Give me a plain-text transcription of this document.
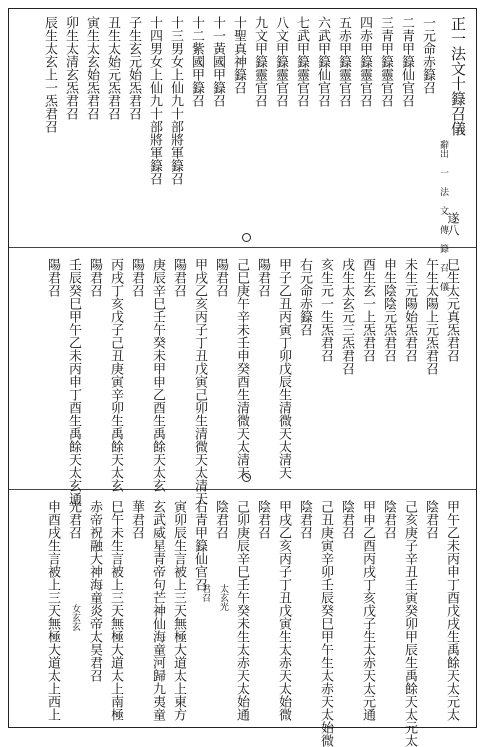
正一法文十籙召儀
辭出 一 法 文 傳 籙 召 儀
遂八
一元命赤籙召
二青甲籙仙官召
三青甲籙靈官召
四赤甲籙靈官召
五赤甲籙靈官召
六武甲籙仙官召
七武甲籙靈官召
八文甲籙靈官召
九文甲籙靈官召
十聖真神籙召
十一黃國甲籙召
十二紫國甲籙召
十三男女上仙九十部將軍籙召
十四男女上仙九十部將軍籙召
子生玄元始炁君召
丑生太始元炁君召
寅生太玄始炁君召
卯生太清玄炁君召
辰生太玄上一炁君召
巳生太元真炁君召
午生太陽上元炁君召
未生元陽始炁君召
申生陰陰元炁君召
酉生玄一上炁君召
戌生太玄元三炁君召
亥生元一生炁君召
右元命赤籙召
甲子乙丑丙寅丁卯戊辰生清微天太清天
陽君召
己巳庚午辛未壬申癸酉生清微天太清天
陽君召
甲戌乙亥丙子丁丑戊寅己卯生清微天太清天
陽君召
庚辰辛巳壬午癸未甲申乙酉生禹餘天太玄
陽君召
丙戌丁亥戊子己丑庚寅辛卯生禹餘天太玄
陽君召
壬辰癸巳甲午乙未丙申丁酉生禹餘天太玄通
陽君召
甲午乙未丙申丁酉戊戌生禹餘天太元太
陰君召
己亥庚子辛丑壬寅癸卯甲辰生禹餘天太元太
陰君召
甲申乙酉丙戌丁亥戊子生太赤天太元通
陰君召
己丑庚寅辛卯壬辰癸巳甲午生太赤天太始微
陰君召
甲戌乙亥丙子丁丑戊寅生太赤天太始微
陰君召
己卯庚辰辛巳壬午癸未生太赤天太始通
陰君召
右青甲籙仙官召
寅卯辰生言被上三天無極大道太上東方
玄武威星青帝句芒神仙海童河歸九夷童
華君召
巳午未生言被上三天無極大道太上南極
赤帝祝融大神海童炎帝太昊君召
光君召
申酉戌生言被上三天無極大道太上西上	太玄光
君召
女玄玄
